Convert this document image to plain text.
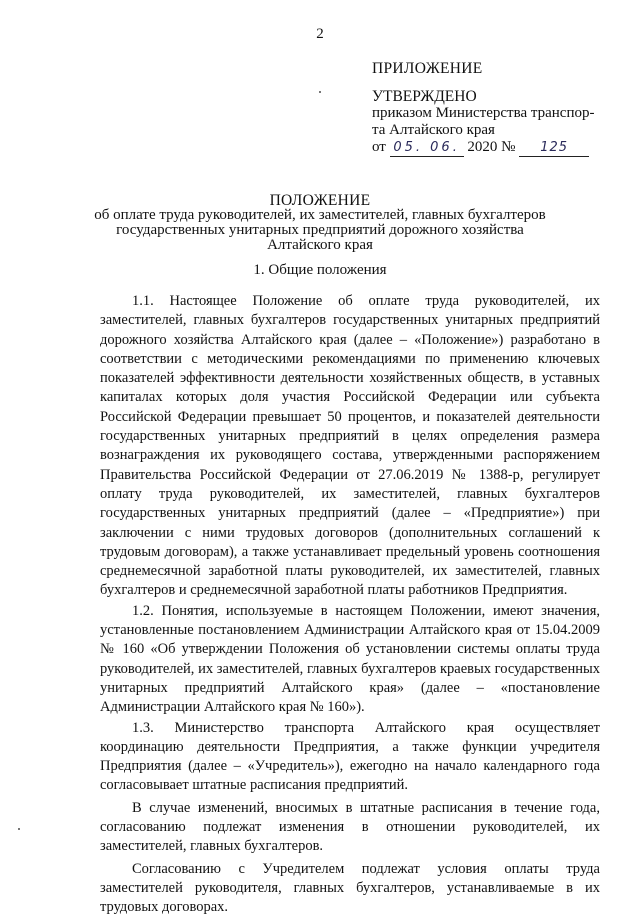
2
ПРИЛОЖЕНИЕ
УТВЕРЖДЕНО
приказом Министерства транспор-
та Алтайского края
от 05. 06. 2020 № 125
ПОЛОЖЕНИЕ
об оплате труда руководителей, их заместителей, главных бухгалтеров
государственных унитарных предприятий дорожного хозяйства
Алтайского края
1. Общие положения

1.1. Настоящее Положение об оплате труда руководителей, их заместителей, главных бухгалтеров государственных унитарных предприятий дорожного хозяйства Алтайского края (далее – «Положение») разработано в соответствии с методическими рекомендациями по применению ключевых показателей эффективности деятельности хозяйственных обществ, в уставных капиталах которых доля участия Российской Федерации или субъекта Российской Федерации превышает 50 процентов, и показателей деятельности государственных унитарных предприятий в целях определения размера вознаграждения их руководящего состава, утвержденными распоряжением Правительства Российской Федерации от 27.06.2019 № 1388-р, регулирует оплату труда руководителей, их заместителей, главных бухгалтеров государственных унитарных предприятий (далее – «Предприятие») при заключении с ними трудовых договоров (дополнительных соглашений к трудовым договорам), а также устанавливает предельный уровень соотношения среднемесячной заработной платы руководителей, их заместителей, главных бухгалтеров и среднемесячной заработной платы работников Предприятия.

1.2. Понятия, используемые в настоящем Положении, имеют значения, установленные постановлением Администрации Алтайского края от 15.04.2009 № 160 «Об утверждении Положения об установлении системы оплаты труда руководителей, их заместителей, главных бухгалтеров краевых государственных унитарных предприятий Алтайского края» (далее – «постановление Администрации Алтайского края № 160»).

1.3. Министерство транспорта Алтайского края осуществляет координацию деятельности Предприятия, а также функции учредителя Предприятия (далее – «Учредитель»), ежегодно на начало календарного года согласовывает штатные расписания предприятий.

В случае изменений, вносимых в штатные расписания в течение года, согласованию подлежат изменения в отношении руководителей, их заместителей, главных бухгалтеров.

Согласованию с Учредителем подлежат условия оплаты труда заместителей руководителя, главных бухгалтеров, устанавливаемые в их трудовых договорах.
